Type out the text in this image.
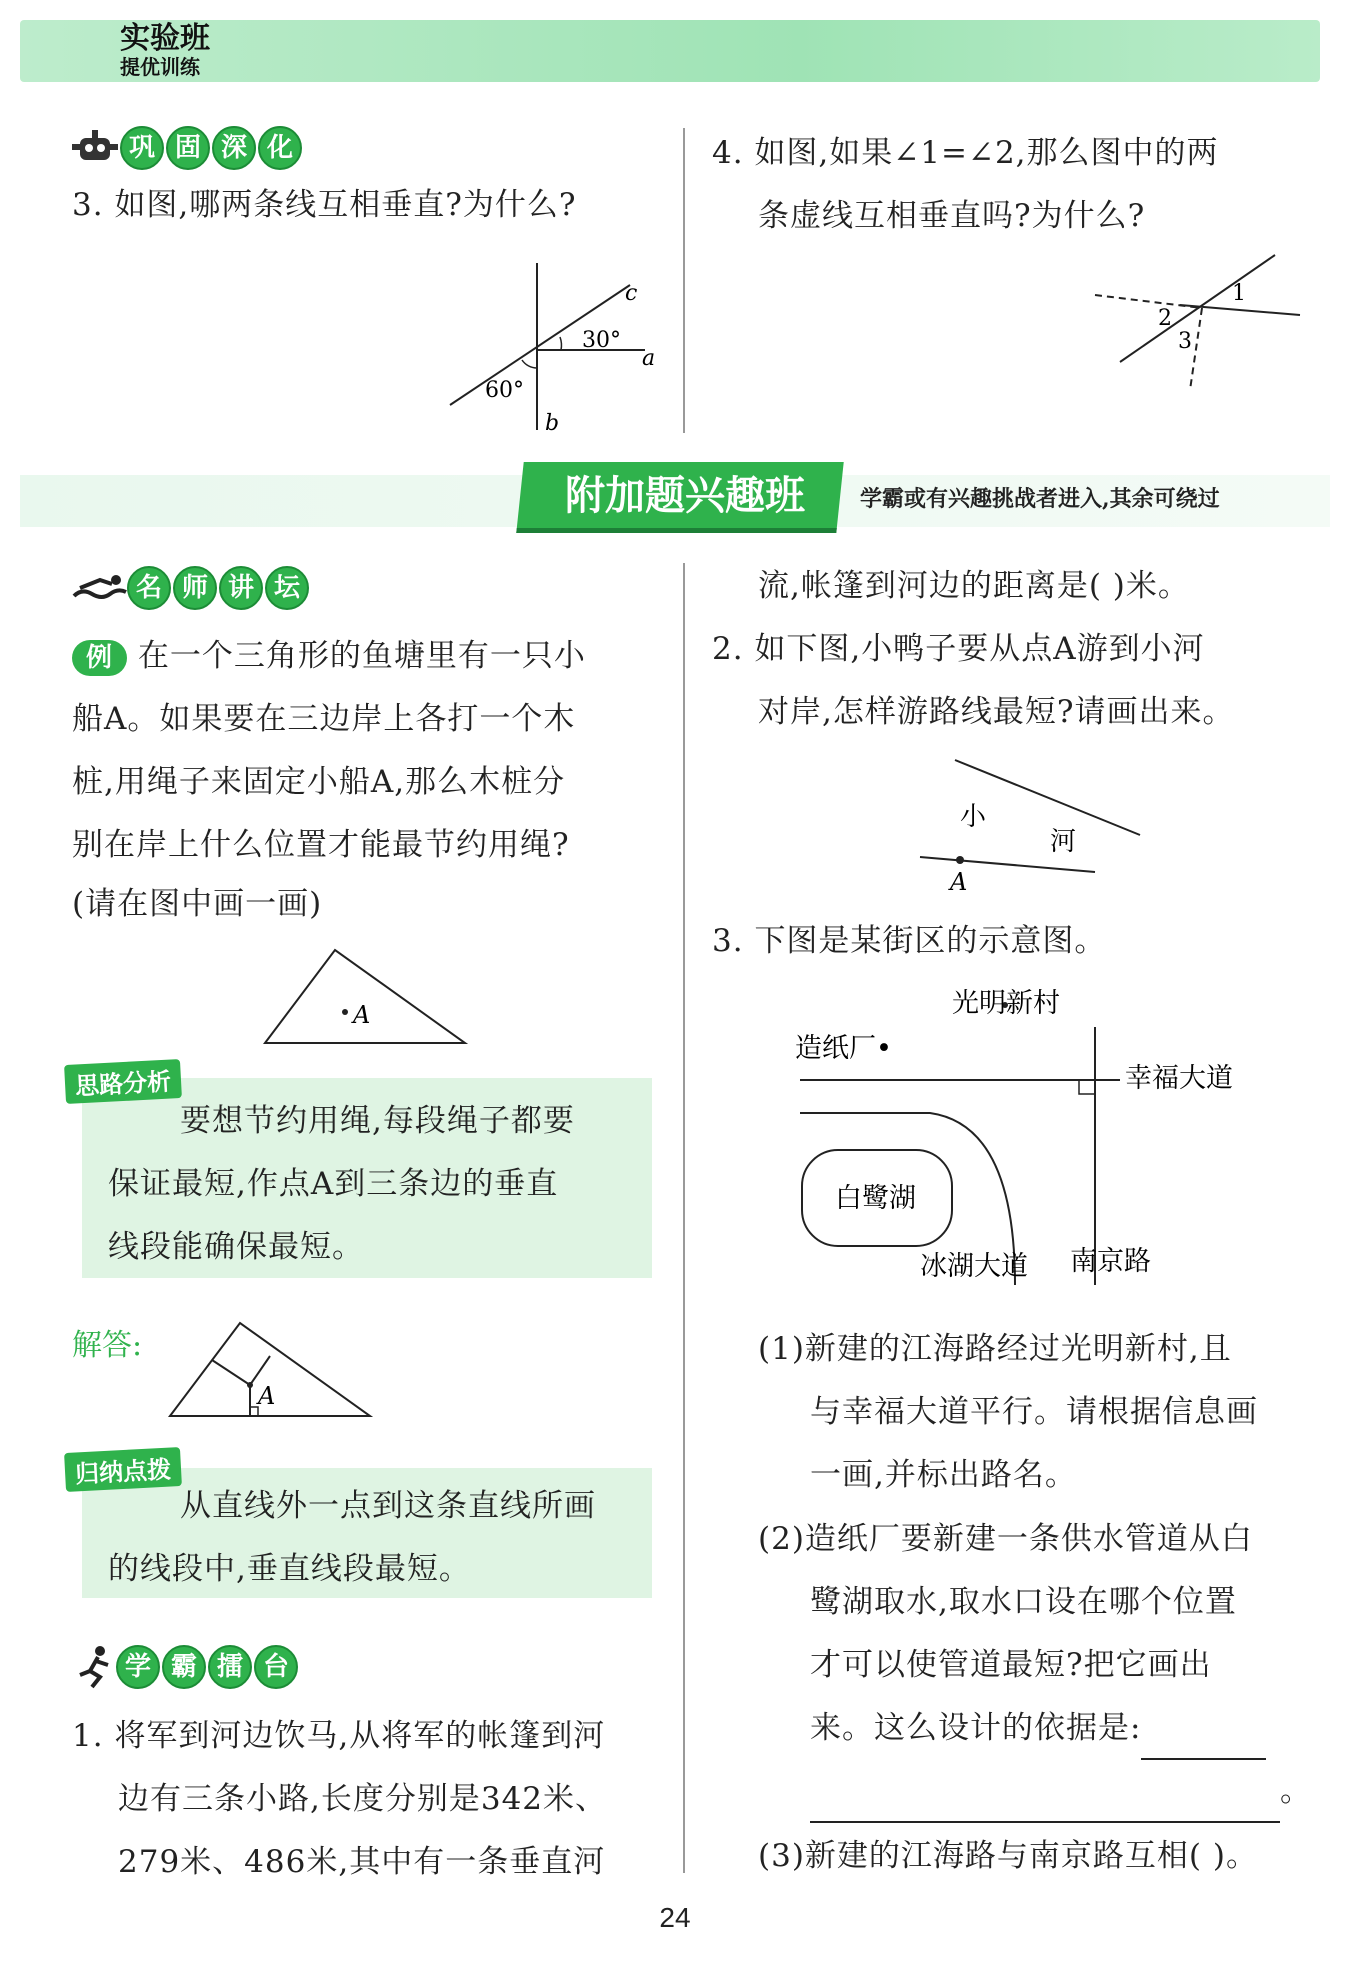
实验班
提优训练
巩 固 深 化
3. 如图,哪两条线互相垂直?为什么?
c
a
b
30°
60°
4. 如图,如果∠1=∠2,那么图中的两
条虚线互相垂直吗?为什么?
1
2
3
附加题兴趣班	学霸或有兴趣挑战者进入,其余可绕过
名 师 讲 坛
例 在一个三角形的鱼塘里有一只小
船A。如果要在三边岸上各打一个木
桩,用绳子来固定小船A,那么木桩分
别在岸上什么位置才能最节约用绳?
(请在图中画一画)
A
思路分析
要想节约用绳,每段绳子都要
保证最短,作点A到三条边的垂直
线段能确保最短。
解答:
A
归纳点拨
从直线外一点到这条直线所画
的线段中,垂直线段最短。
学 霸 擂 台
1. 将军到河边饮马,从将军的帐篷到河
边有三条小路,长度分别是342米、
279米、486米,其中有一条垂直河
流,帐篷到河边的距离是( )米。
2. 如下图,小鸭子要从点A游到小河
对岸,怎样游路线最短?请画出来。
小
河
A
3. 下图是某街区的示意图。
光明新村
造纸厂•
幸福大道
白鹭湖
冰湖大道 南京路
(1)新建的江海路经过光明新村,且
与幸福大道平行。请根据信息画
一画,并标出路名。
(2)造纸厂要新建一条供水管道从白
鹭湖取水,取水口设在哪个位置
才可以使管道最短?把它画出
来。这么设计的依据是:
。
(3)新建的江海路与南京路互相( )。
24
